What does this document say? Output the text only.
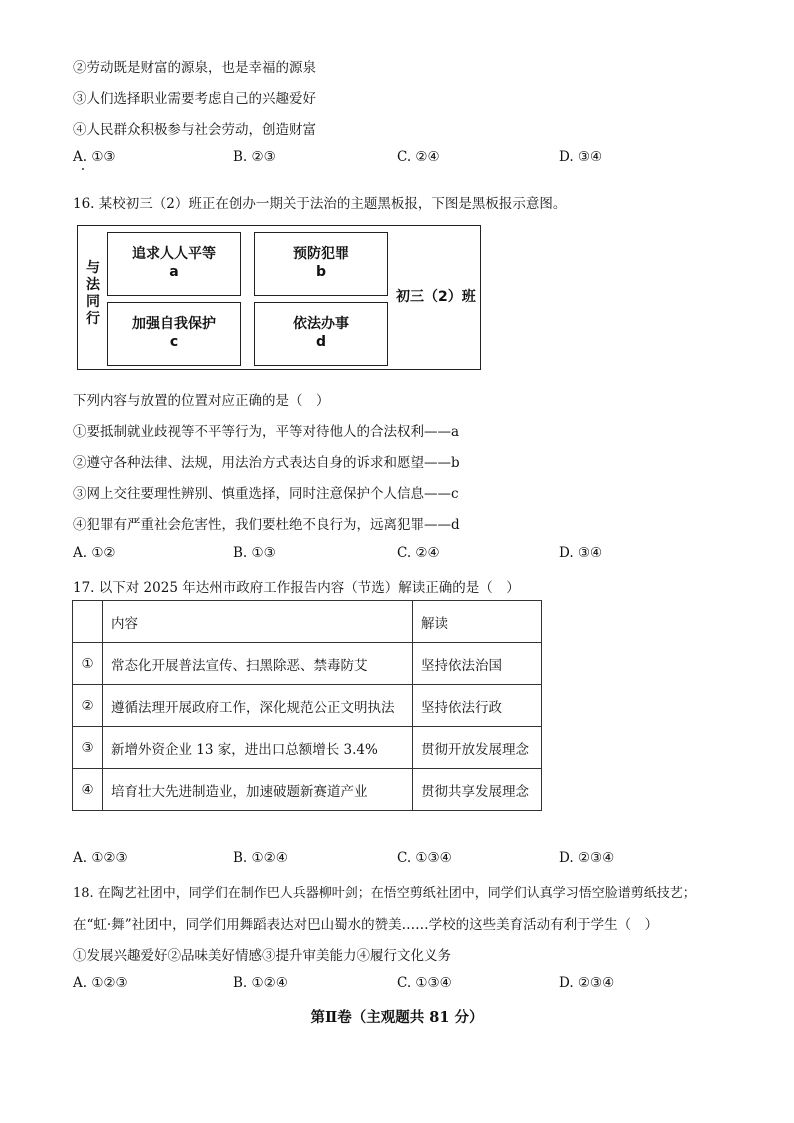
②劳动既是财富的源泉，也是幸福的源泉
③人们选择职业需要考虑自己的兴趣爱好
④人民群众积极参与社会劳动，创造财富
A. ①③	B. ②③	C. ②④	D. ③④
16. 某校初三（2）班正在创办一期关于法治的主题黑板报，下图是黑板报示意图。
与
法
同
行
追求人人平等
a
预防犯罪
b
加强自我保护
c
依法办事
d
初三（2）班
下列内容与放置的位置对应正确的是（　）
①要抵制就业歧视等不平等行为，平等对待他人的合法权利——a
②遵守各种法律、法规，用法治方式表达自身的诉求和愿望——b
③网上交往要理性辨别、慎重选择，同时注意保护个人信息——c
④犯罪有严重社会危害性，我们要杜绝不良行为，远离犯罪——d
A. ①②	B. ①③	C. ②④	D. ③④
17. 以下对 2025 年达州市政府工作报告内容（节选）解读正确的是（　）
	内容	解读
①	常态化开展普法宣传、扫黑除恶、禁毒防艾	坚持依法治国
②	遵循法理开展政府工作，深化规范公正文明执法	坚持依法行政
③	新增外资企业 13 家，进出口总额增长 3.4%	贯彻开放发展理念
④	培育壮大先进制造业，加速破题新赛道产业	贯彻共享发展理念
A. ①②③	B. ①②④	C. ①③④	D. ②③④
18. 在陶艺社团中，同学们在制作巴人兵器柳叶剑；在悟空剪纸社团中，同学们认真学习悟空脸谱剪纸技艺；
在“虹·舞”社团中，同学们用舞蹈表达对巴山蜀水的赞美……学校的这些美育活动有利于学生（　）
①发展兴趣爱好②品味美好情感③提升审美能力④履行文化义务
A. ①②③	B. ①②④	C. ①③④	D. ②③④
第Ⅱ卷（主观题共 81 分）
